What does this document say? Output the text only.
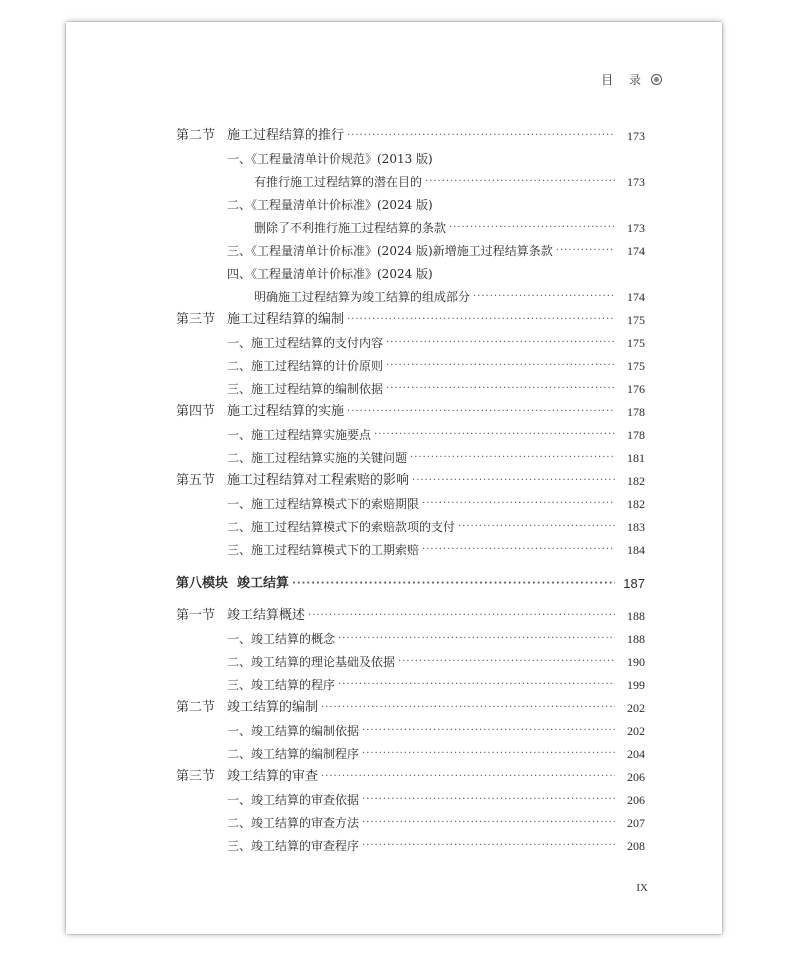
目 录
第二节 施工过程结算的推行 ·····	173
一、《工程量清单计价规范》(2013 版)
有推行施工过程结算的潜在目的 ·····	173
二、《工程量清单计价标准》(2024 版)
删除了不利推行施工过程结算的条款 ·····	173
三、《工程量清单计价标准》(2024 版)新增施工过程结算条款 ·····	174
四、《工程量清单计价标准》(2024 版)
明确施工过程结算为竣工结算的组成部分 ·····	174
第三节 施工过程结算的编制 ·····	175
一、施工过程结算的支付内容 ·····	175
二、施工过程结算的计价原则 ·····	175
三、施工过程结算的编制依据 ·····	176
第四节 施工过程结算的实施 ·····	178
一、施工过程结算实施要点 ·····	178
二、施工过程结算实施的关键问题 ·····	181
第五节 施工过程结算对工程索赔的影响 ·····	182
一、施工过程结算模式下的索赔期限 ·····	182
二、施工过程结算模式下的索赔款项的支付 ·····	183
三、施工过程结算模式下的工期索赔 ·····	184
第八模块 竣工结算 ·····	187
第一节 竣工结算概述 ·····	188
一、竣工结算的概念 ·····	188
二、竣工结算的理论基础及依据 ·····	190
三、竣工结算的程序 ·····	199
第二节 竣工结算的编制 ·····	202
一、竣工结算的编制依据 ·····	202
二、竣工结算的编制程序 ·····	204
第三节 竣工结算的审查 ·····	206
一、竣工结算的审查依据 ·····	206
二、竣工结算的审查方法 ·····	207
三、竣工结算的审查程序 ·····	208
IX
